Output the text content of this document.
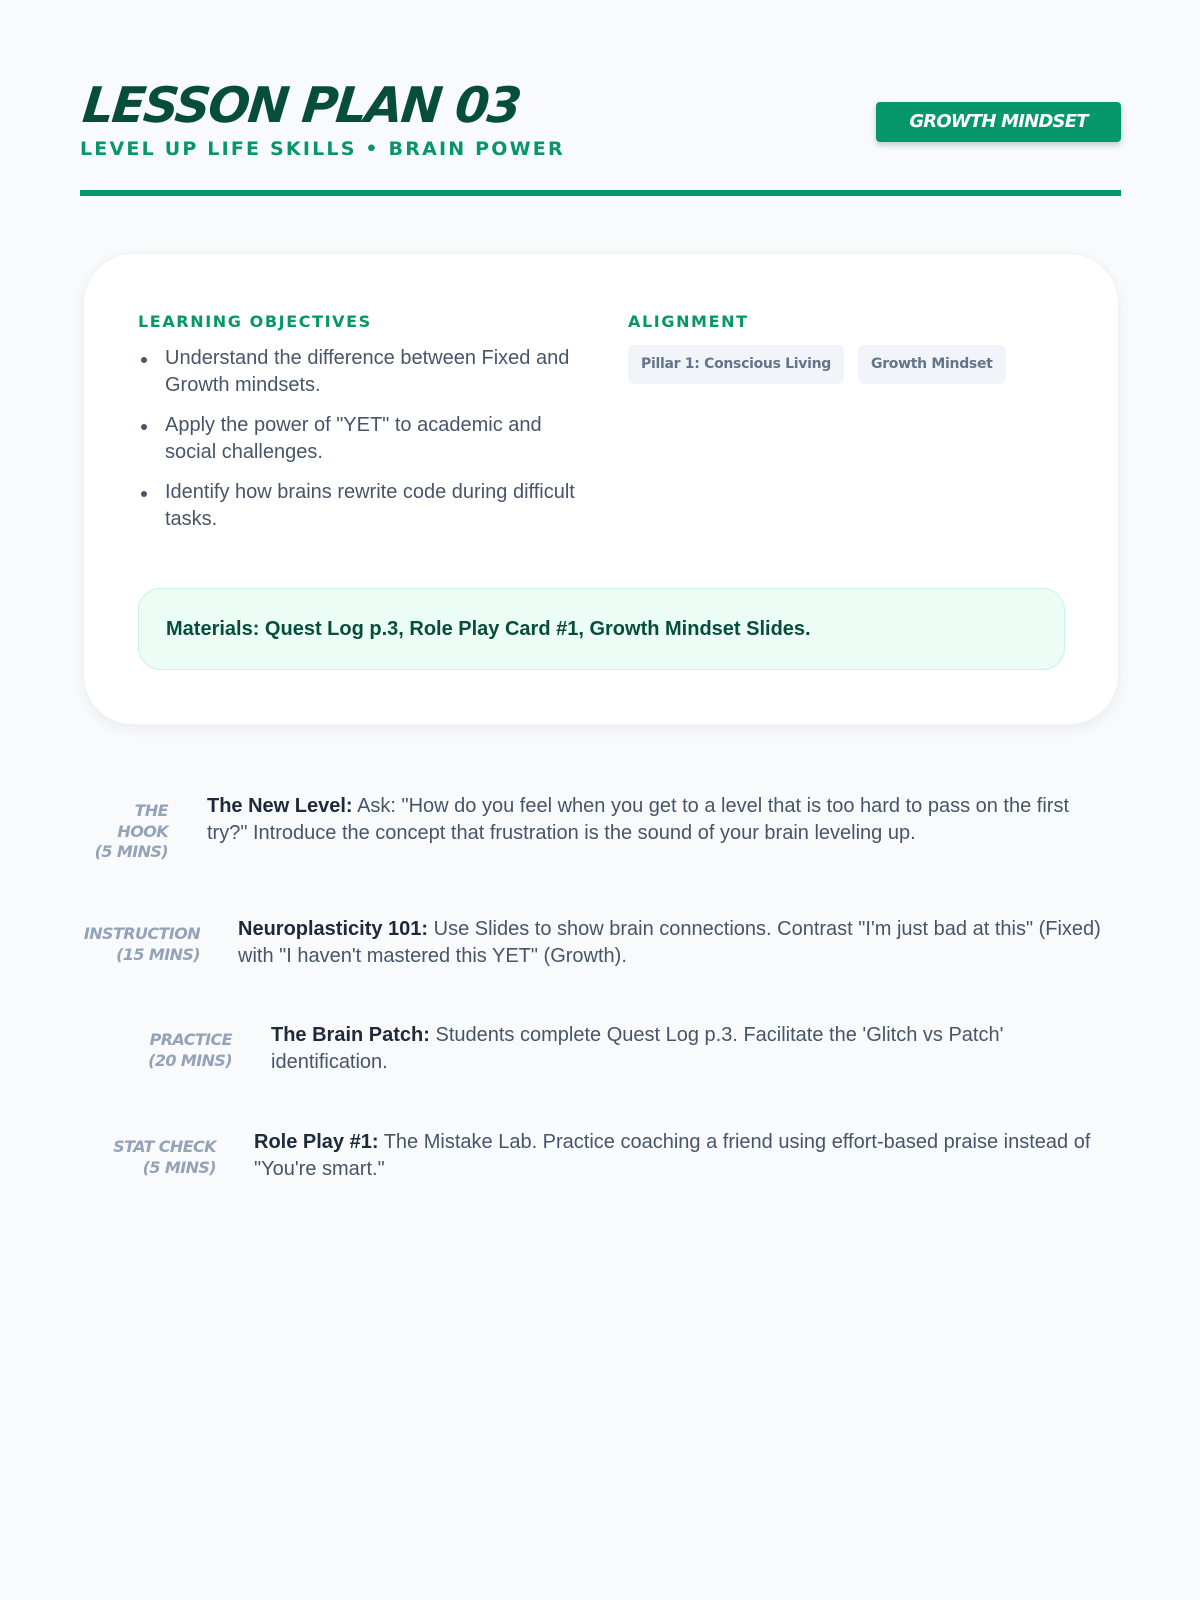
LESSON PLAN 03
LEVEL UP LIFE SKILLS • BRAIN POWER
GROWTH MINDSET
LEARNING OBJECTIVES
Understand the difference between Fixed and Growth mindsets.
Apply the power of "YET" to academic and social challenges.
Identify how brains rewrite code during difficult tasks.
ALIGNMENT
Pillar 1: Conscious Living	Growth Mindset
Materials: Quest Log p.3, Role Play Card #1, Growth Mindset Slides.
THE
HOOK
(5 MINS)
The New Level: Ask: "How do you feel when you get to a level that is too hard to pass on the first try?" Introduce the concept that frustration is the sound of your brain leveling up.
INSTRUCTION
(15 MINS)
Neuroplasticity 101: Use Slides to show brain connections. Contrast "I'm just bad at this" (Fixed) with "I haven't mastered this YET" (Growth).
PRACTICE
(20 MINS)
The Brain Patch: Students complete Quest Log p.3. Facilitate the 'Glitch vs Patch' identification.
STAT CHECK
(5 MINS)
Role Play #1: The Mistake Lab. Practice coaching a friend using effort-based praise instead of "You're smart."
